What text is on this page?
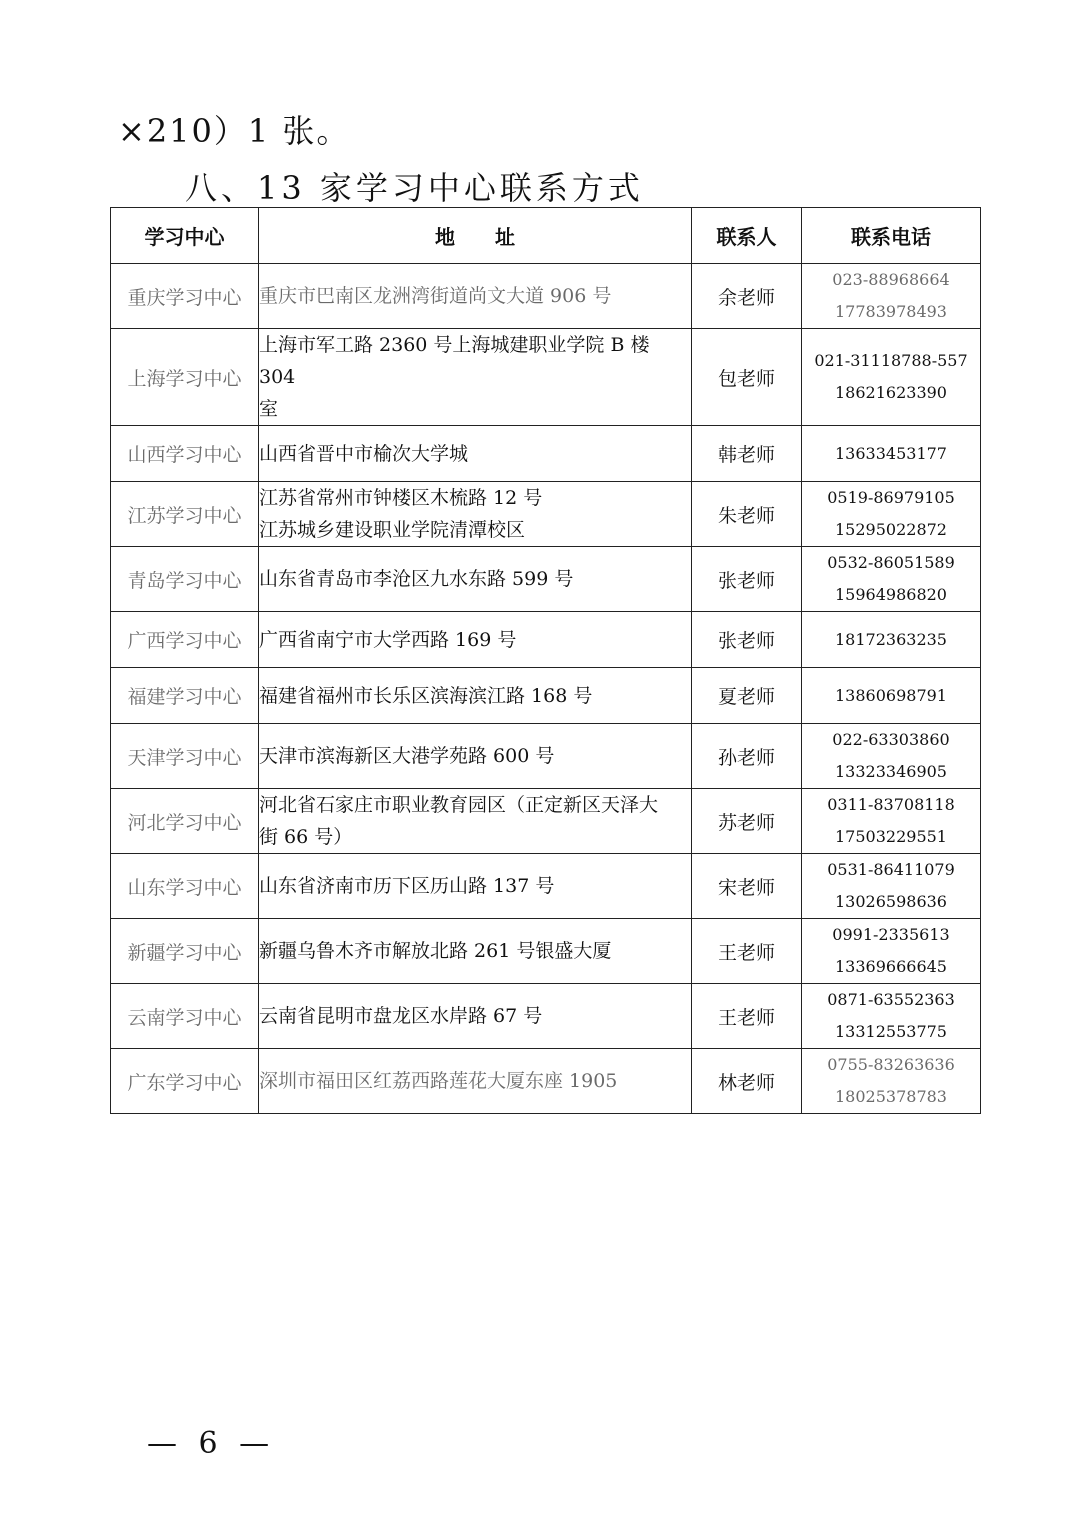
×210）1 张。
八、13 家学习中心联系方式
学习中心	地　　址	联系人	联系电话
重庆学习中心	重庆市巴南区龙洲湾街道尚文大道 906 号	余老师	023-88968664
17783978493

上海学习中心	上海市军工路 2360 号上海城建职业学院 B 楼 304
室	包老师	021-31118788-557
18621623390

山西学习中心	山西省晋中市榆次大学城	韩老师	13633453177

江苏学习中心	江苏省常州市钟楼区木梳路 12 号
江苏城乡建设职业学院清潭校区	朱老师	0519-86979105
15295022872

青岛学习中心	山东省青岛市李沧区九水东路 599 号	张老师	0532-86051589
15964986820

广西学习中心	广西省南宁市大学西路 169 号	张老师	18172363235

福建学习中心	福建省福州市长乐区滨海滨江路 168 号	夏老师	13860698791

天津学习中心	天津市滨海新区大港学苑路 600 号	孙老师	022-63303860
13323346905

河北学习中心	河北省石家庄市职业教育园区（正定新区天泽大
街 66 号）	苏老师	0311-83708118
17503229551

山东学习中心	山东省济南市历下区历山路 137 号	宋老师	0531-86411079
13026598636

新疆学习中心	新疆乌鲁木齐市解放北路 261 号银盛大厦	王老师	0991-2335613
13369666645

云南学习中心	云南省昆明市盘龙区水岸路 67 号	王老师	0871-63552363
13312553775

广东学习中心	深圳市福田区红荔西路莲花大厦东座 1905	林老师	0755-83263636
18025378783
— 6 —
